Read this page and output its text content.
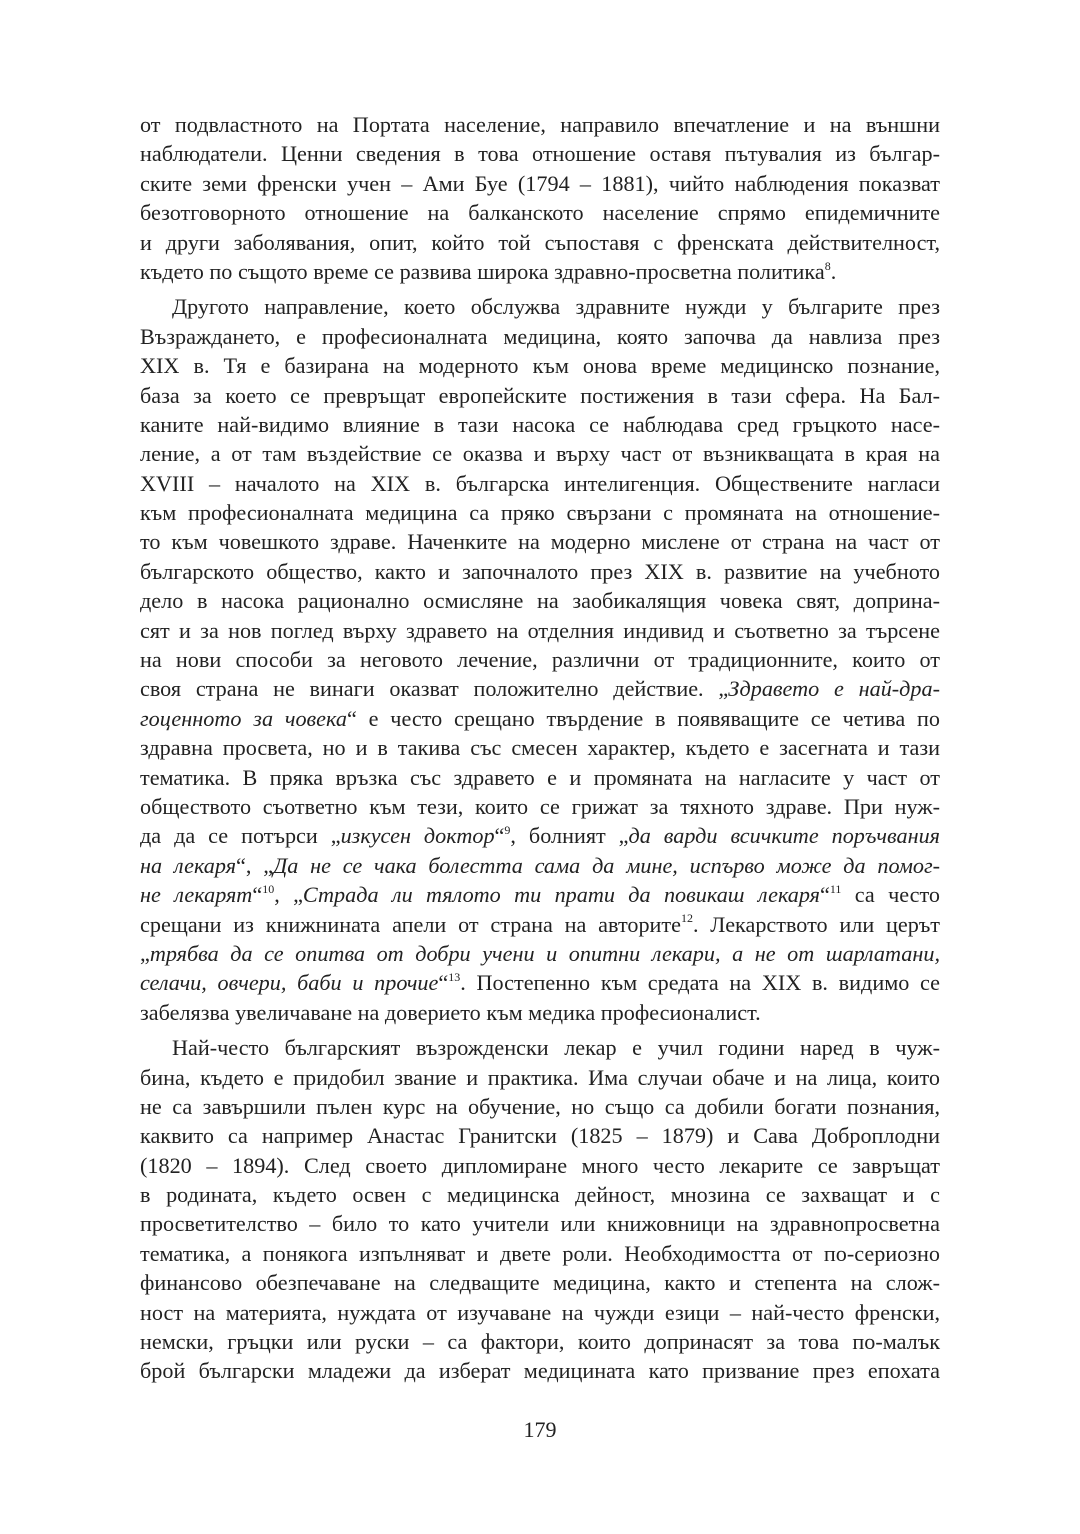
от подвластното на Портата население, направило впечатление и на външни
наблюдатели. Ценни сведения в това отношение оставя пътувалия из българ-
ските земи френски учен – Ами Буе (1794 – 1881), чийто наблюдения показват
безотговорното отношение на балканското население спрямо епидемичните
и други заболявания, опит, който той съпоставя с френската действителност,
където по същото време се развива широка здравно-просветна политика$^8$.
Другото направление, което обслужва здравните нужди у българите през
Възраждането, е професионалната медицина, която започва да навлиза през
XIX в. Тя е базирана на модерното към онова време медицинско познание,
база за което се превръщат европейските постижения в тази сфера. На Бал-
каните най-видимо влияние в тази насока се наблюдава сред гръцкото насе-
ление, а от там въздействие се оказва и върху част от възникващата в края на
XVIII – началото на XIX в. българска интелигенция. Обществените нагласи
към професионалната медицина са пряко свързани с промяната на отношение-
то към човешкото здраве. Наченките на модерно мислене от страна на част от
българското общество, както и започналото през XIX в. развитие на учебното
дело в насока рационално осмисляне на заобикалящия човека свят, доприна-
сят и за нов поглед върху здравето на отделния индивид и съответно за търсене
на нови способи за неговото лечение, различни от традиционните, които от
своя страна не винаги оказват положително действие. „Здравето е най-дра-
гоценното за човека“ е често срещано твърдение в появяващите се четива по
здравна просвета, но и в такива със смесен характер, където е засегната и тази
тематика. В пряка връзка със здравето е и промяната на нагласите у част от
обществото съответно към тези, които се грижат за тяхното здраве. При нуж-
да да се потърси „изкусен доктор“$^9$, болният „да варди всичките поръчвания
на лекаря“, „Да не се чака болестта сама да мине, испърво може да помог-
не лекарят“$^{10}$, „Страда ли тялото ти прати да повикаш лекаря“$^{11}$ са често
срещани из книжнината апели от страна на авторите$^{12}$. Лекарството или церът
„трябва да се опитва от добри учени и опитни лекари, а не от шарлатани,
селачи, овчери, баби и прочие“$^{13}$. Постепенно към средата на XIX в. видимо се
забелязва увеличаване на доверието към медика професионалист.
Най-често българският възрожденски лекар е учил години наред в чуж-
бина, където е придобил звание и практика. Има случаи обаче и на лица, които
не са завършили пълен курс на обучение, но също са добили богати познания,
каквито са например Анастас Гранитски (1825 – 1879) и Сава Доброплодни
(1820 – 1894). След своето дипломиране много често лекарите се завръщат
в родината, където освен с медицинска дейност, мнозина се захващат и с
просветителство – било то като учители или книжовници на здравнопросветна
тематика, а понякога изпълняват и двете роли. Необходимостта от по-сериозно
финансово обезпечаване на следващите медицина, както и степента на слож-
ност на материята, нуждата от изучаване на чужди езици – най-често френски,
немски, гръцки или руски – са фактори, които допринасят за това по-малък
брой български младежи да изберат медицината като призвание през епохата
179
